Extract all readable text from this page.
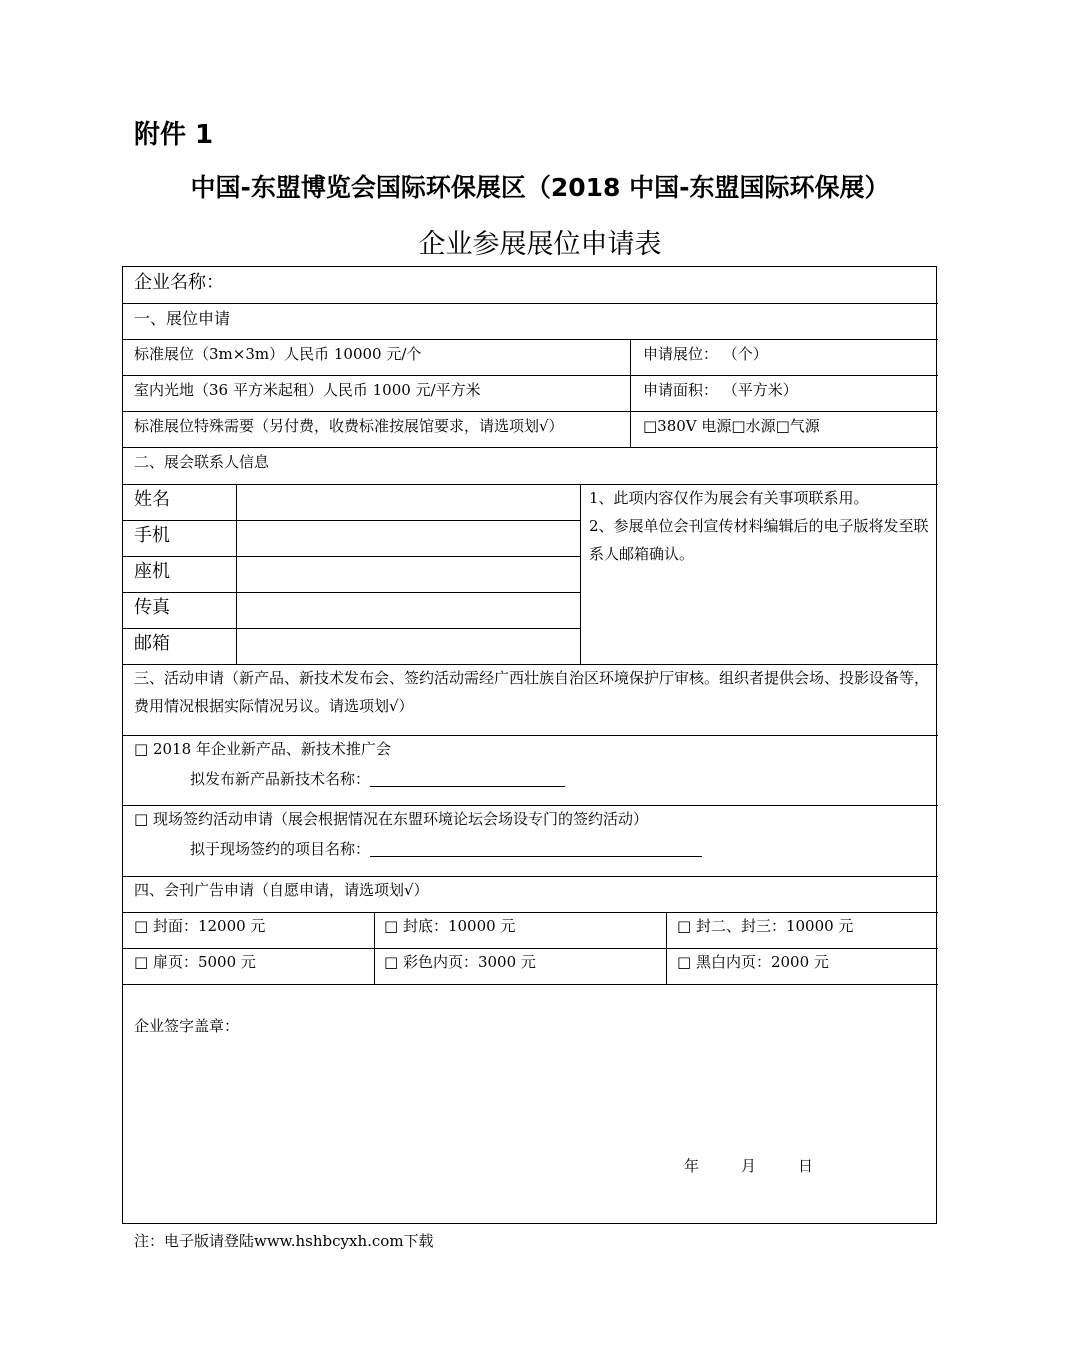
附件 1
中国-东盟博览会国际环保展区（2018 中国-东盟国际环保展）
企业参展展位申请表
企业名称：
一、展位申请
标准展位（3m×3m）人民币 10000 元/个	申请展位： （个）
室内光地（36 平方米起租）人民币 1000 元/平方米	申请面积： （平方米）
标准展位特殊需要（另付费，收费标准按展馆要求，请选项划√）	□380V 电源□水源□气源
二、展会联系人信息
姓名
手机
座机
传真
邮箱
1、此项内容仅作为展会有关事项联系用。
2、参展单位会刊宣传材料编辑后的电子版将发至联系人邮箱确认。
三、活动申请（新产品、新技术发布会、签约活动需经广西壮族自治区环境保护厅审核。组织者提供会场、投影设备等，费用情况根据实际情况另议。请选项划√）
□ 2018 年企业新产品、新技术推广会
拟发布新产品新技术名称：
□ 现场签约活动申请（展会根据情况在东盟环境论坛会场设专门的签约活动）
拟于现场签约的项目名称：
四、会刊广告申请（自愿申请，请选项划√）
□ 封面：12000 元	□ 封底：10000 元	□ 封二、封三：10000 元
□ 扉页：5000 元	□ 彩色内页：3000 元	□ 黑白内页：2000 元
企业签字盖章：
年	月	日
注：电子版请登陆www.hshbcyxh.com下载
